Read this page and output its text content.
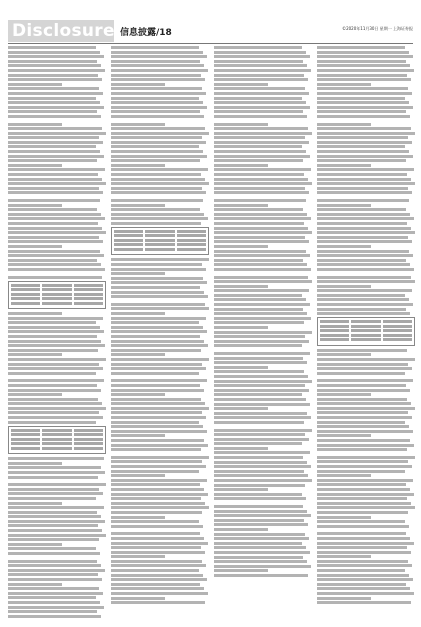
Disclosure 信息披露/18	©2020年11月30日 星期一 上海证券报
